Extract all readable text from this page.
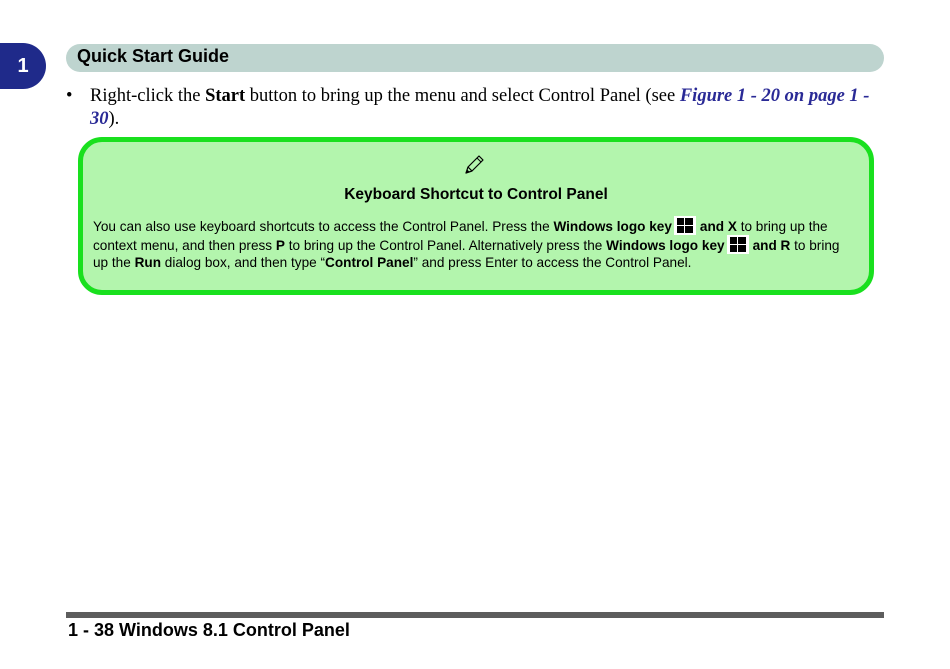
1	Quick Start Guide
• Right-click the Start button to bring up the menu and select Control Panel (see Figure 1 - 20 on page 1 - 30).
Keyboard Shortcut to Control Panel
You can also use keyboard shortcuts to access the Control Panel. Press the Windows logo key and X to bring up the context menu, and then press P to bring up the Control Panel. Alternatively press the Windows logo key and R to bring up the Run dialog box, and then type “Control Panel” and press Enter to access the Control Panel.
1 - 38 Windows 8.1 Control Panel
